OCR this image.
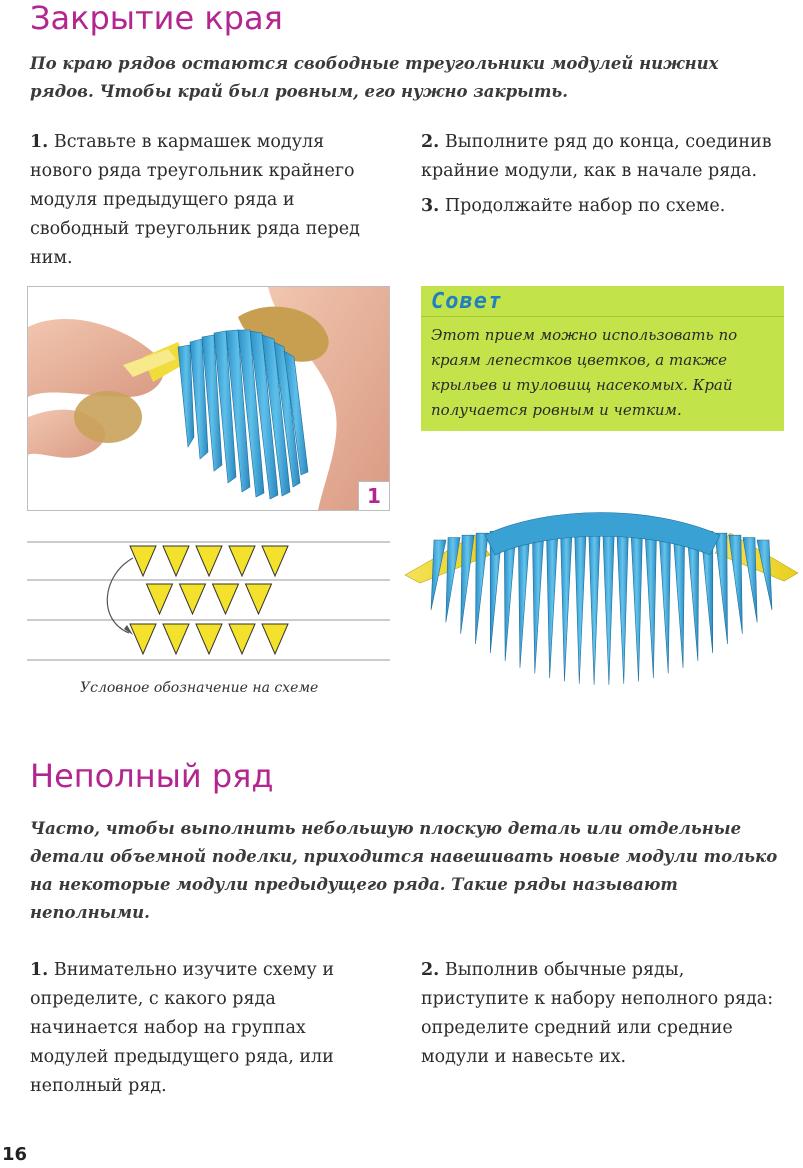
Закрытие края

По краю рядов остаются свободные треугольники модулей нижних рядов. Чтобы край был ровным, его нужно закрыть.

1. Вставьте в кармашек модуля нового ряда треугольник крайнего модуля предыдущего ряда и свободный треугольник ряда перед ним.

2. Выполните ряд до конца, соединив крайние модули, как в начале ряда.

3. Продолжайте набор по схеме.

1
Совет
Этот прием можно использовать по краям лепестков цветков, а также крыльев и туловищ насекомых. Край получается ровным и четким.
Условное обозначение на схеме
Неполный ряд

Часто, чтобы выполнить небольшую плоскую деталь или отдельные детали объемной поделки, приходится навешивать новые модули только на некоторые модули предыдущего ряда. Такие ряды называют неполными.

1. Внимательно изучите схему и определите, с какого ряда начинается набор на группах модулей предыдущего ряда, или неполный ряд.

2. Выполнив обычные ряды, приступите к набору неполного ряда: определите средний или средние модули и навесьте их.

16
